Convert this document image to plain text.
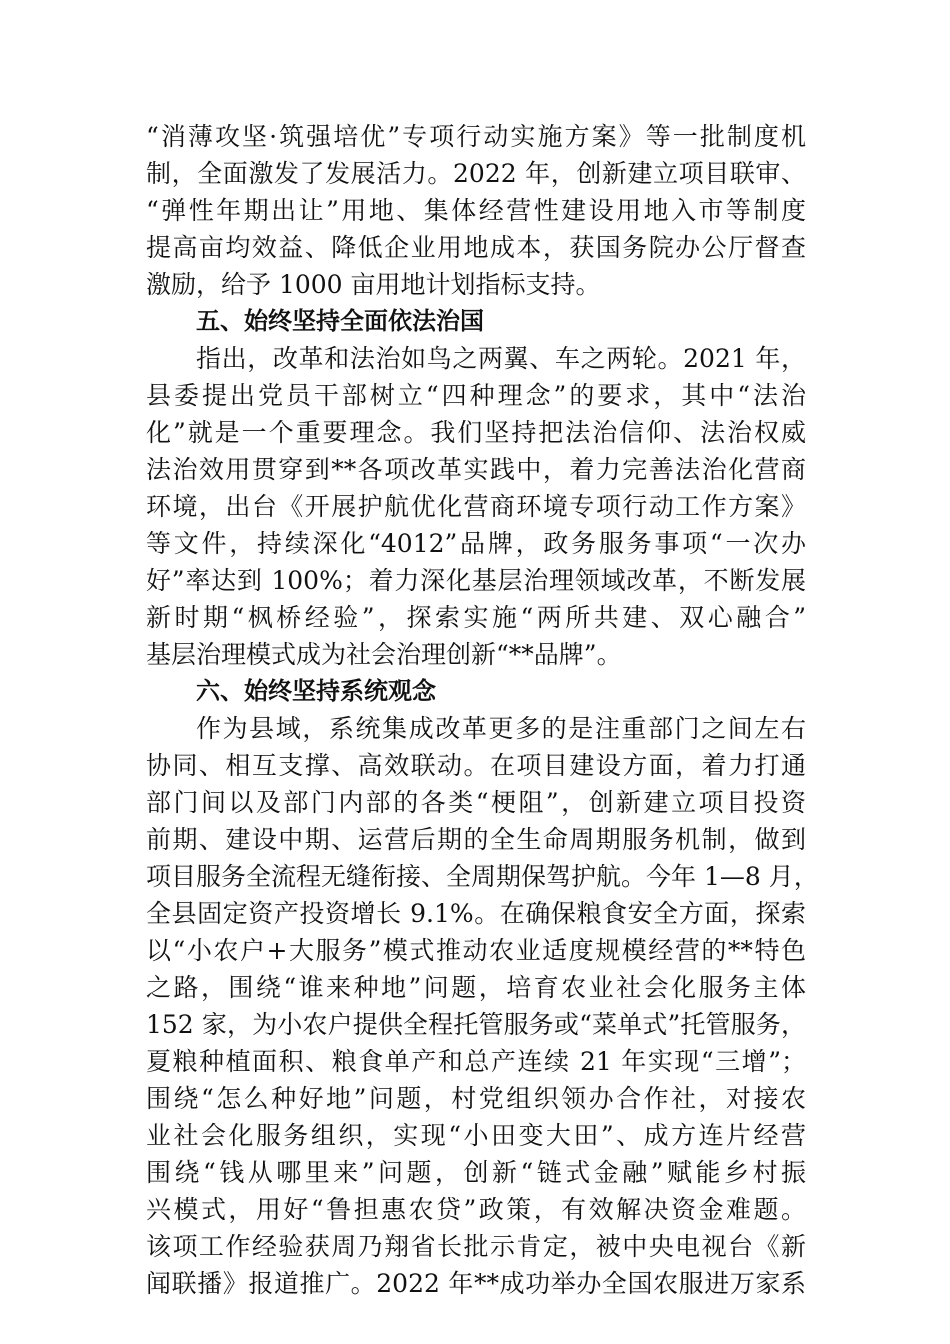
“消薄攻坚·筑强培优”专项行动实施方案》等一批制度机
制，全面激发了发展活力。2022 年，创新建立项目联审、
“弹性年期出让”用地、集体经营性建设用地入市等制度
提高亩均效益、降低企业用地成本，获国务院办公厅督查
激励，给予 1000 亩用地计划指标支持。
五、始终坚持全面依法治国
指出，改革和法治如鸟之两翼、车之两轮。2021 年，
县委提出党员干部树立“四种理念”的要求，其中“法治
化”就是一个重要理念。我们坚持把法治信仰、法治权威
法治效用贯穿到**各项改革实践中，着力完善法治化营商
环境，出台《开展护航优化营商环境专项行动工作方案》
等文件，持续深化“4012”品牌，政务服务事项“一次办
好”率达到 100%；着力深化基层治理领域改革，不断发展
新时期“枫桥经验”，探索实施“两所共建、双心融合”
基层治理模式成为社会治理创新“**品牌”。
六、始终坚持系统观念
作为县域，系统集成改革更多的是注重部门之间左右
协同、相互支撑、高效联动。在项目建设方面，着力打通
部门间以及部门内部的各类“梗阻”，创新建立项目投资
前期、建设中期、运营后期的全生命周期服务机制，做到
项目服务全流程无缝衔接、全周期保驾护航。今年 1—8 月，
全县固定资产投资增长 9.1%。在确保粮食安全方面，探索
以“小农户+大服务”模式推动农业适度规模经营的**特色
之路，围绕“谁来种地”问题，培育农业社会化服务主体
152 家，为小农户提供全程托管服务或“菜单式”托管服务，
夏粮种植面积、粮食单产和总产连续 21 年实现“三增”；
围绕“怎么种好地”问题，村党组织领办合作社，对接农
业社会化服务组织，实现“小田变大田”、成方连片经营
围绕“钱从哪里来”问题，创新“链式金融”赋能乡村振
兴模式，用好“鲁担惠农贷”政策，有效解决资金难题。
该项工作经验获周乃翔省长批示肯定，被中央电视台《新
闻联播》报道推广。2022 年**成功举办全国农服进万家系
